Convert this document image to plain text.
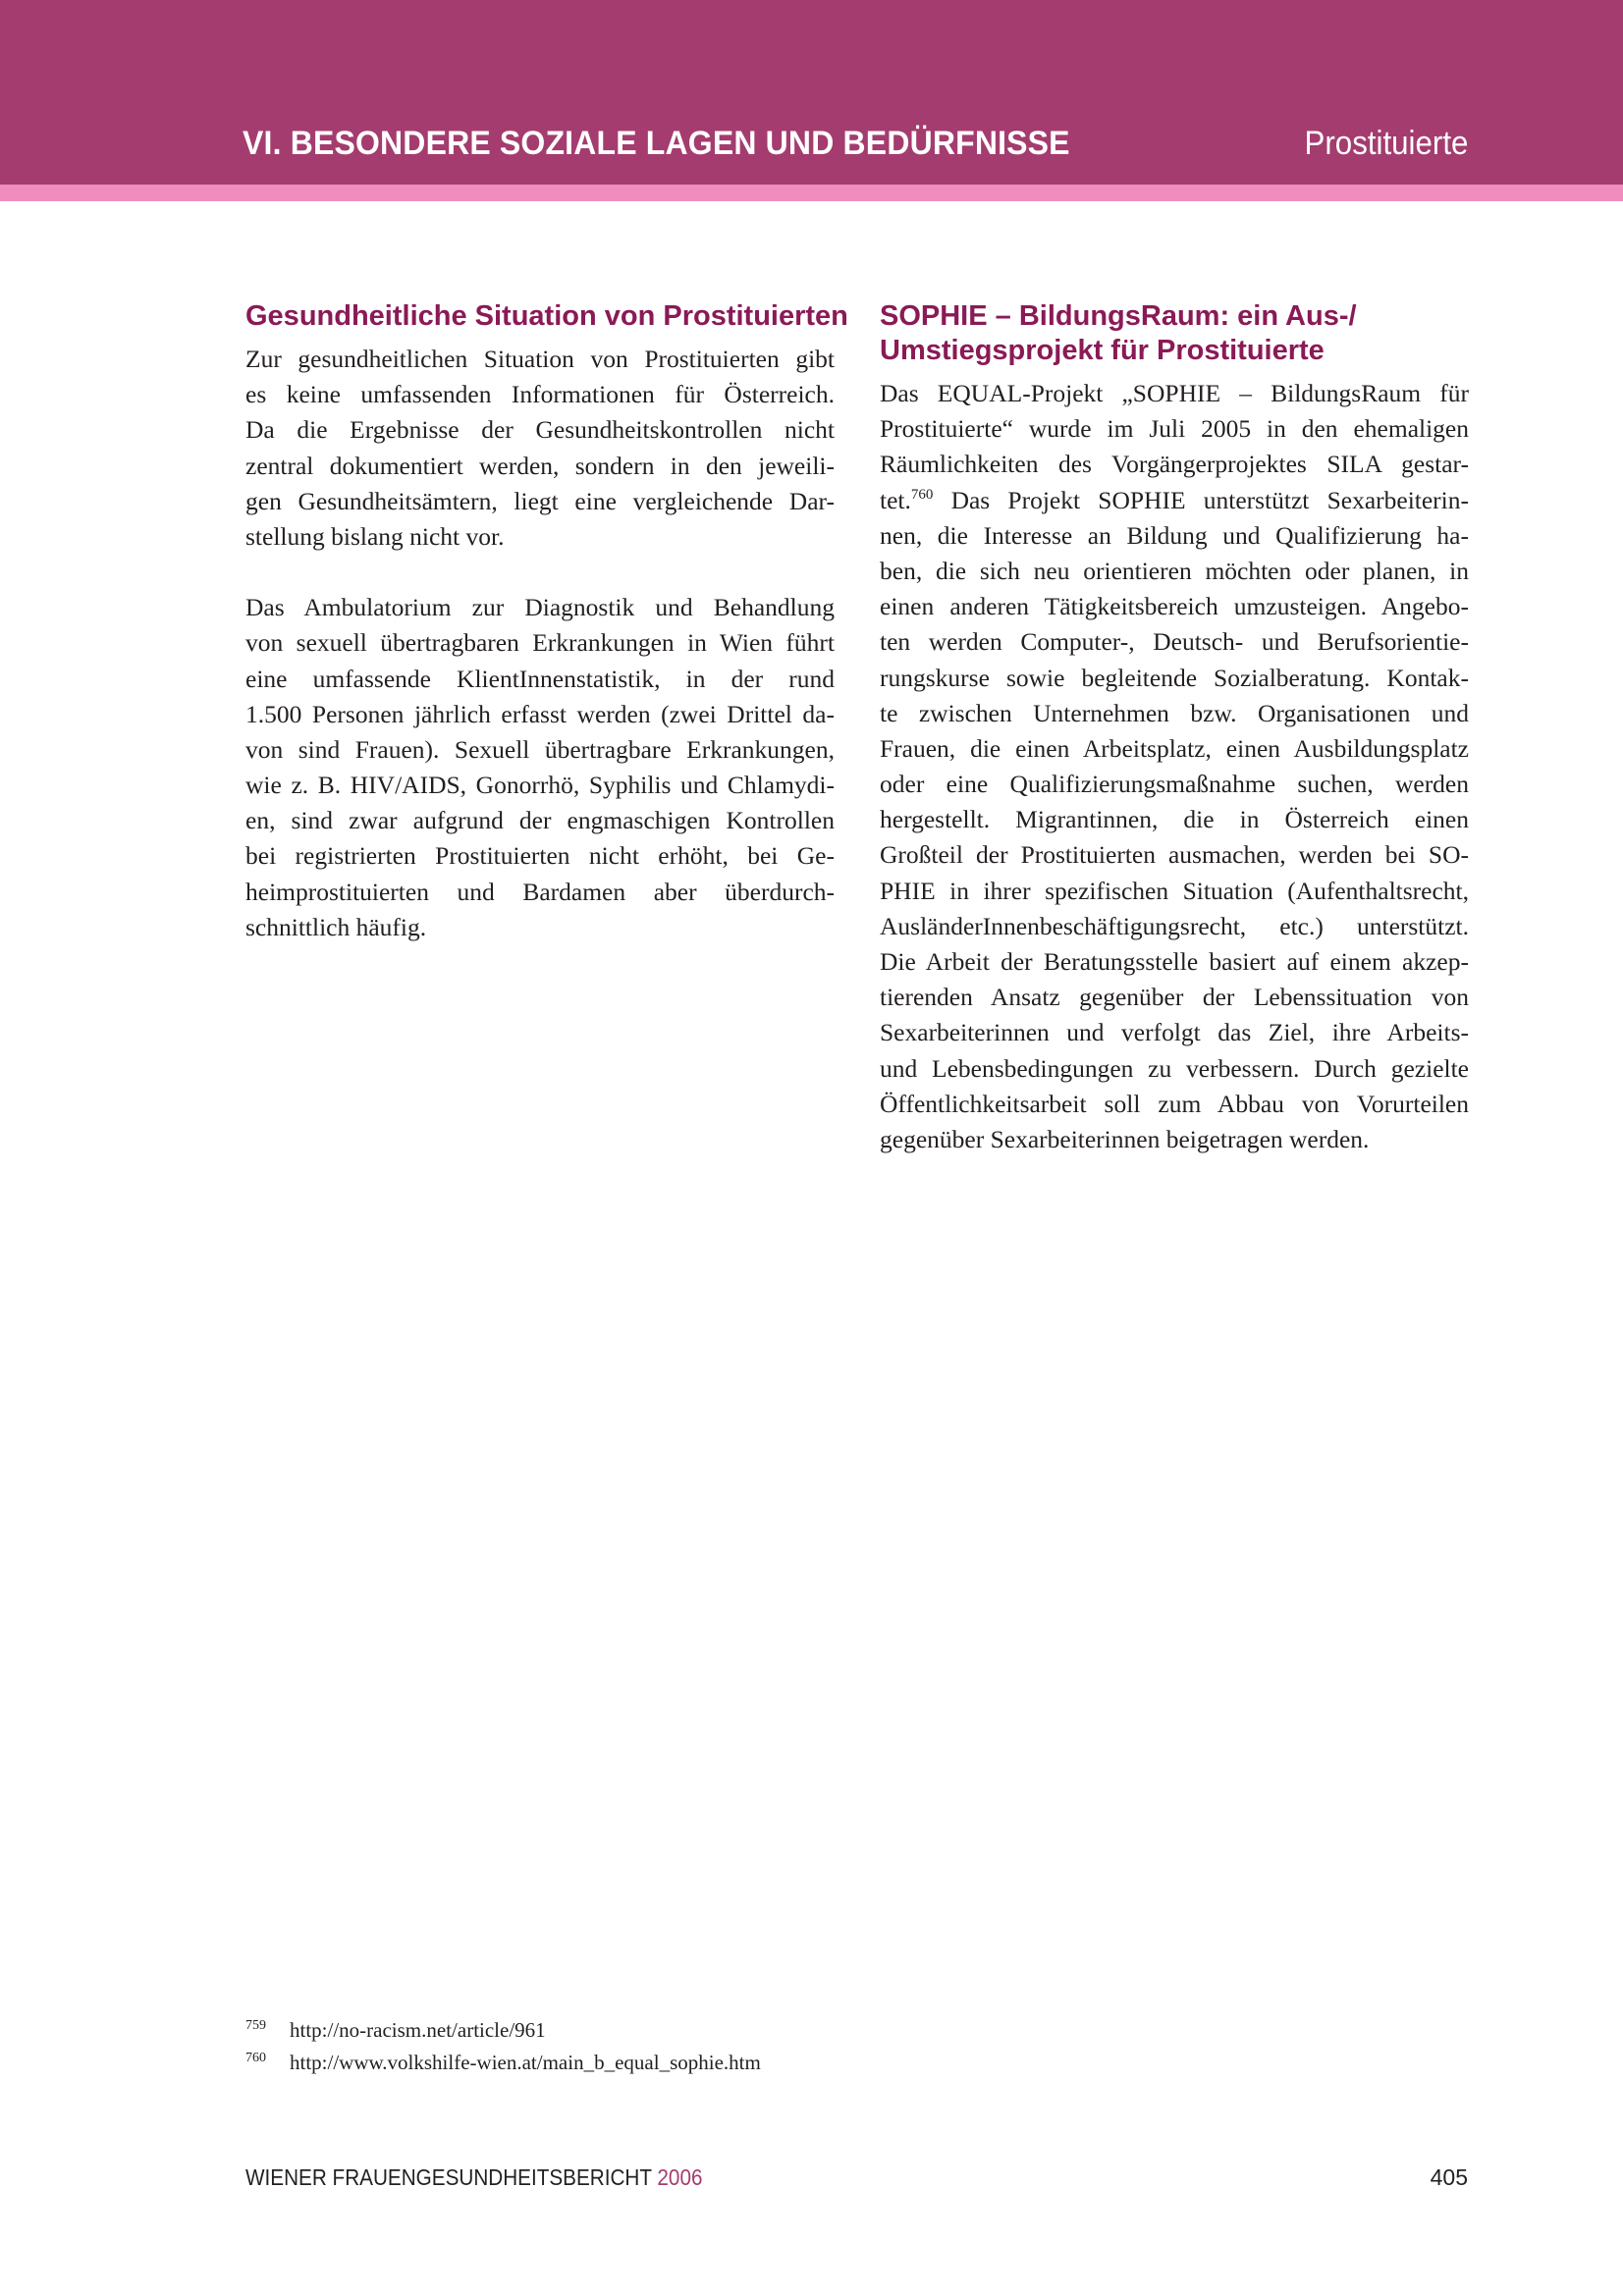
VI. BESONDERE SOZIALE LAGEN UND BEDÜRFNISSE	Prostituierte
Gesundheitliche Situation von Prostituierten

Zur gesundheitlichen Situation von Prostituierten gibt
es keine umfassenden Informationen für Österreich.
Da die Ergebnisse der Gesundheitskontrollen nicht
zentral dokumentiert werden, sondern in den jeweili-
gen Gesundheitsämtern, liegt eine vergleichende Dar-
stellung bislang nicht vor.

Das Ambulatorium zur Diagnostik und Behandlung
von sexuell übertragbaren Erkrankungen in Wien führt
eine umfassende KlientInnenstatistik, in der rund
1.500 Personen jährlich erfasst werden (zwei Drittel da-
von sind Frauen). Sexuell übertragbare Erkrankungen,
wie z. B. HIV/AIDS, Gonorrhö, Syphilis und Chlamydi-
en, sind zwar aufgrund der engmaschigen Kontrollen
bei registrierten Prostituierten nicht erhöht, bei Ge-
heimprostituierten und Bardamen aber überdurch-
schnittlich häufig.

SOPHIE – BildungsRaum: ein Aus-/
Umstiegsprojekt für Prostituierte

Das EQUAL-Projekt „SOPHIE – BildungsRaum für
Prostituierte“ wurde im Juli 2005 in den ehemaligen
Räumlichkeiten des Vorgängerprojektes SILA gestar-
tet.$^{760}$ Das Projekt SOPHIE unterstützt Sexarbeiterin-
nen, die Interesse an Bildung und Qualifizierung ha-
ben, die sich neu orientieren möchten oder planen, in
einen anderen Tätigkeitsbereich umzusteigen. Angebo-
ten werden Computer-, Deutsch- und Berufsorientie-
rungskurse sowie begleitende Sozialberatung. Kontak-
te zwischen Unternehmen bzw. Organisationen und
Frauen, die einen Arbeitsplatz, einen Ausbildungsplatz
oder eine Qualifizierungsmaßnahme suchen, werden
hergestellt. Migrantinnen, die in Österreich einen
Großteil der Prostituierten ausmachen, werden bei SO-
PHIE in ihrer spezifischen Situation (Aufenthaltsrecht,
AusländerInnenbeschäftigungsrecht, etc.) unterstützt.
Die Arbeit der Beratungsstelle basiert auf einem akzep-
tierenden Ansatz gegenüber der Lebenssituation von
Sexarbeiterinnen und verfolgt das Ziel, ihre Arbeits-
und Lebensbedingungen zu verbessern. Durch gezielte
Öffentlichkeitsarbeit soll zum Abbau von Vorurteilen
gegenüber Sexarbeiterinnen beigetragen werden.

759 http://no-racism.net/article/961
760 http://www.volkshilfe-wien.at/main_b_equal_sophie.htm
WIENER FRAUENGESUNDHEITSBERICHT 2006	405
